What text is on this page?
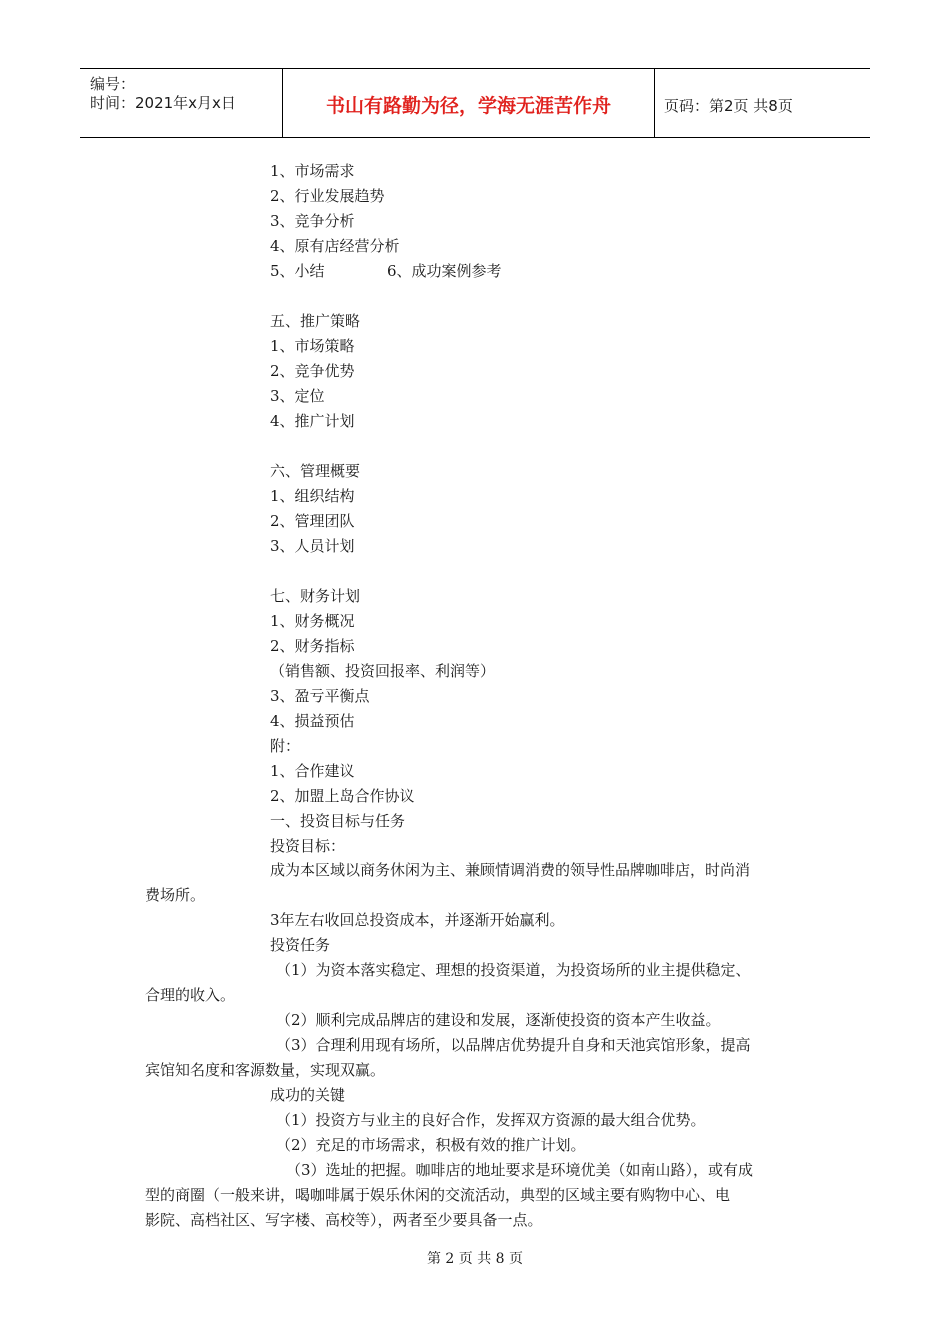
编号：
时间：2021年x月x日	书山有路勤为径，学海无涯苦作舟	页码：第2页 共8页
1、市场需求
2、行业发展趋势
3、竞争分析
4、原有店经营分析
5、小结	6、成功案例参考
五、推广策略
1、市场策略
2、竞争优势
3、定位
4、推广计划
六、管理概要
1、组织结构
2、管理团队
3、人员计划
七、财务计划
1、财务概况
2、财务指标
（销售额、投资回报率、利润等）
3、盈亏平衡点
4、损益预估
附：
1、合作建议
2、加盟上岛合作协议
一、投资目标与任务
投资目标：
成为本区域以商务休闲为主、兼顾情调消费的领导性品牌咖啡店，时尚消
费场所。
3年左右收回总投资成本，并逐渐开始赢利。
投资任务
（1）为资本落实稳定、理想的投资渠道，为投资场所的业主提供稳定、
合理的收入。
（2）顺利完成品牌店的建设和发展，逐渐使投资的资本产生收益。
（3）合理利用现有场所，以品牌店优势提升自身和天池宾馆形象，提高
宾馆知名度和客源数量，实现双赢。
成功的关键
（1）投资方与业主的良好合作，发挥双方资源的最大组合优势。
（2）充足的市场需求，积极有效的推广计划。
（3）选址的把握。咖啡店的地址要求是环境优美（如南山路），或有成
型的商圈（一般来讲，喝咖啡属于娱乐休闲的交流活动，典型的区域主要有购物中心、电
影院、高档社区、写字楼、高校等），两者至少要具备一点。
第 2 页 共 8 页
